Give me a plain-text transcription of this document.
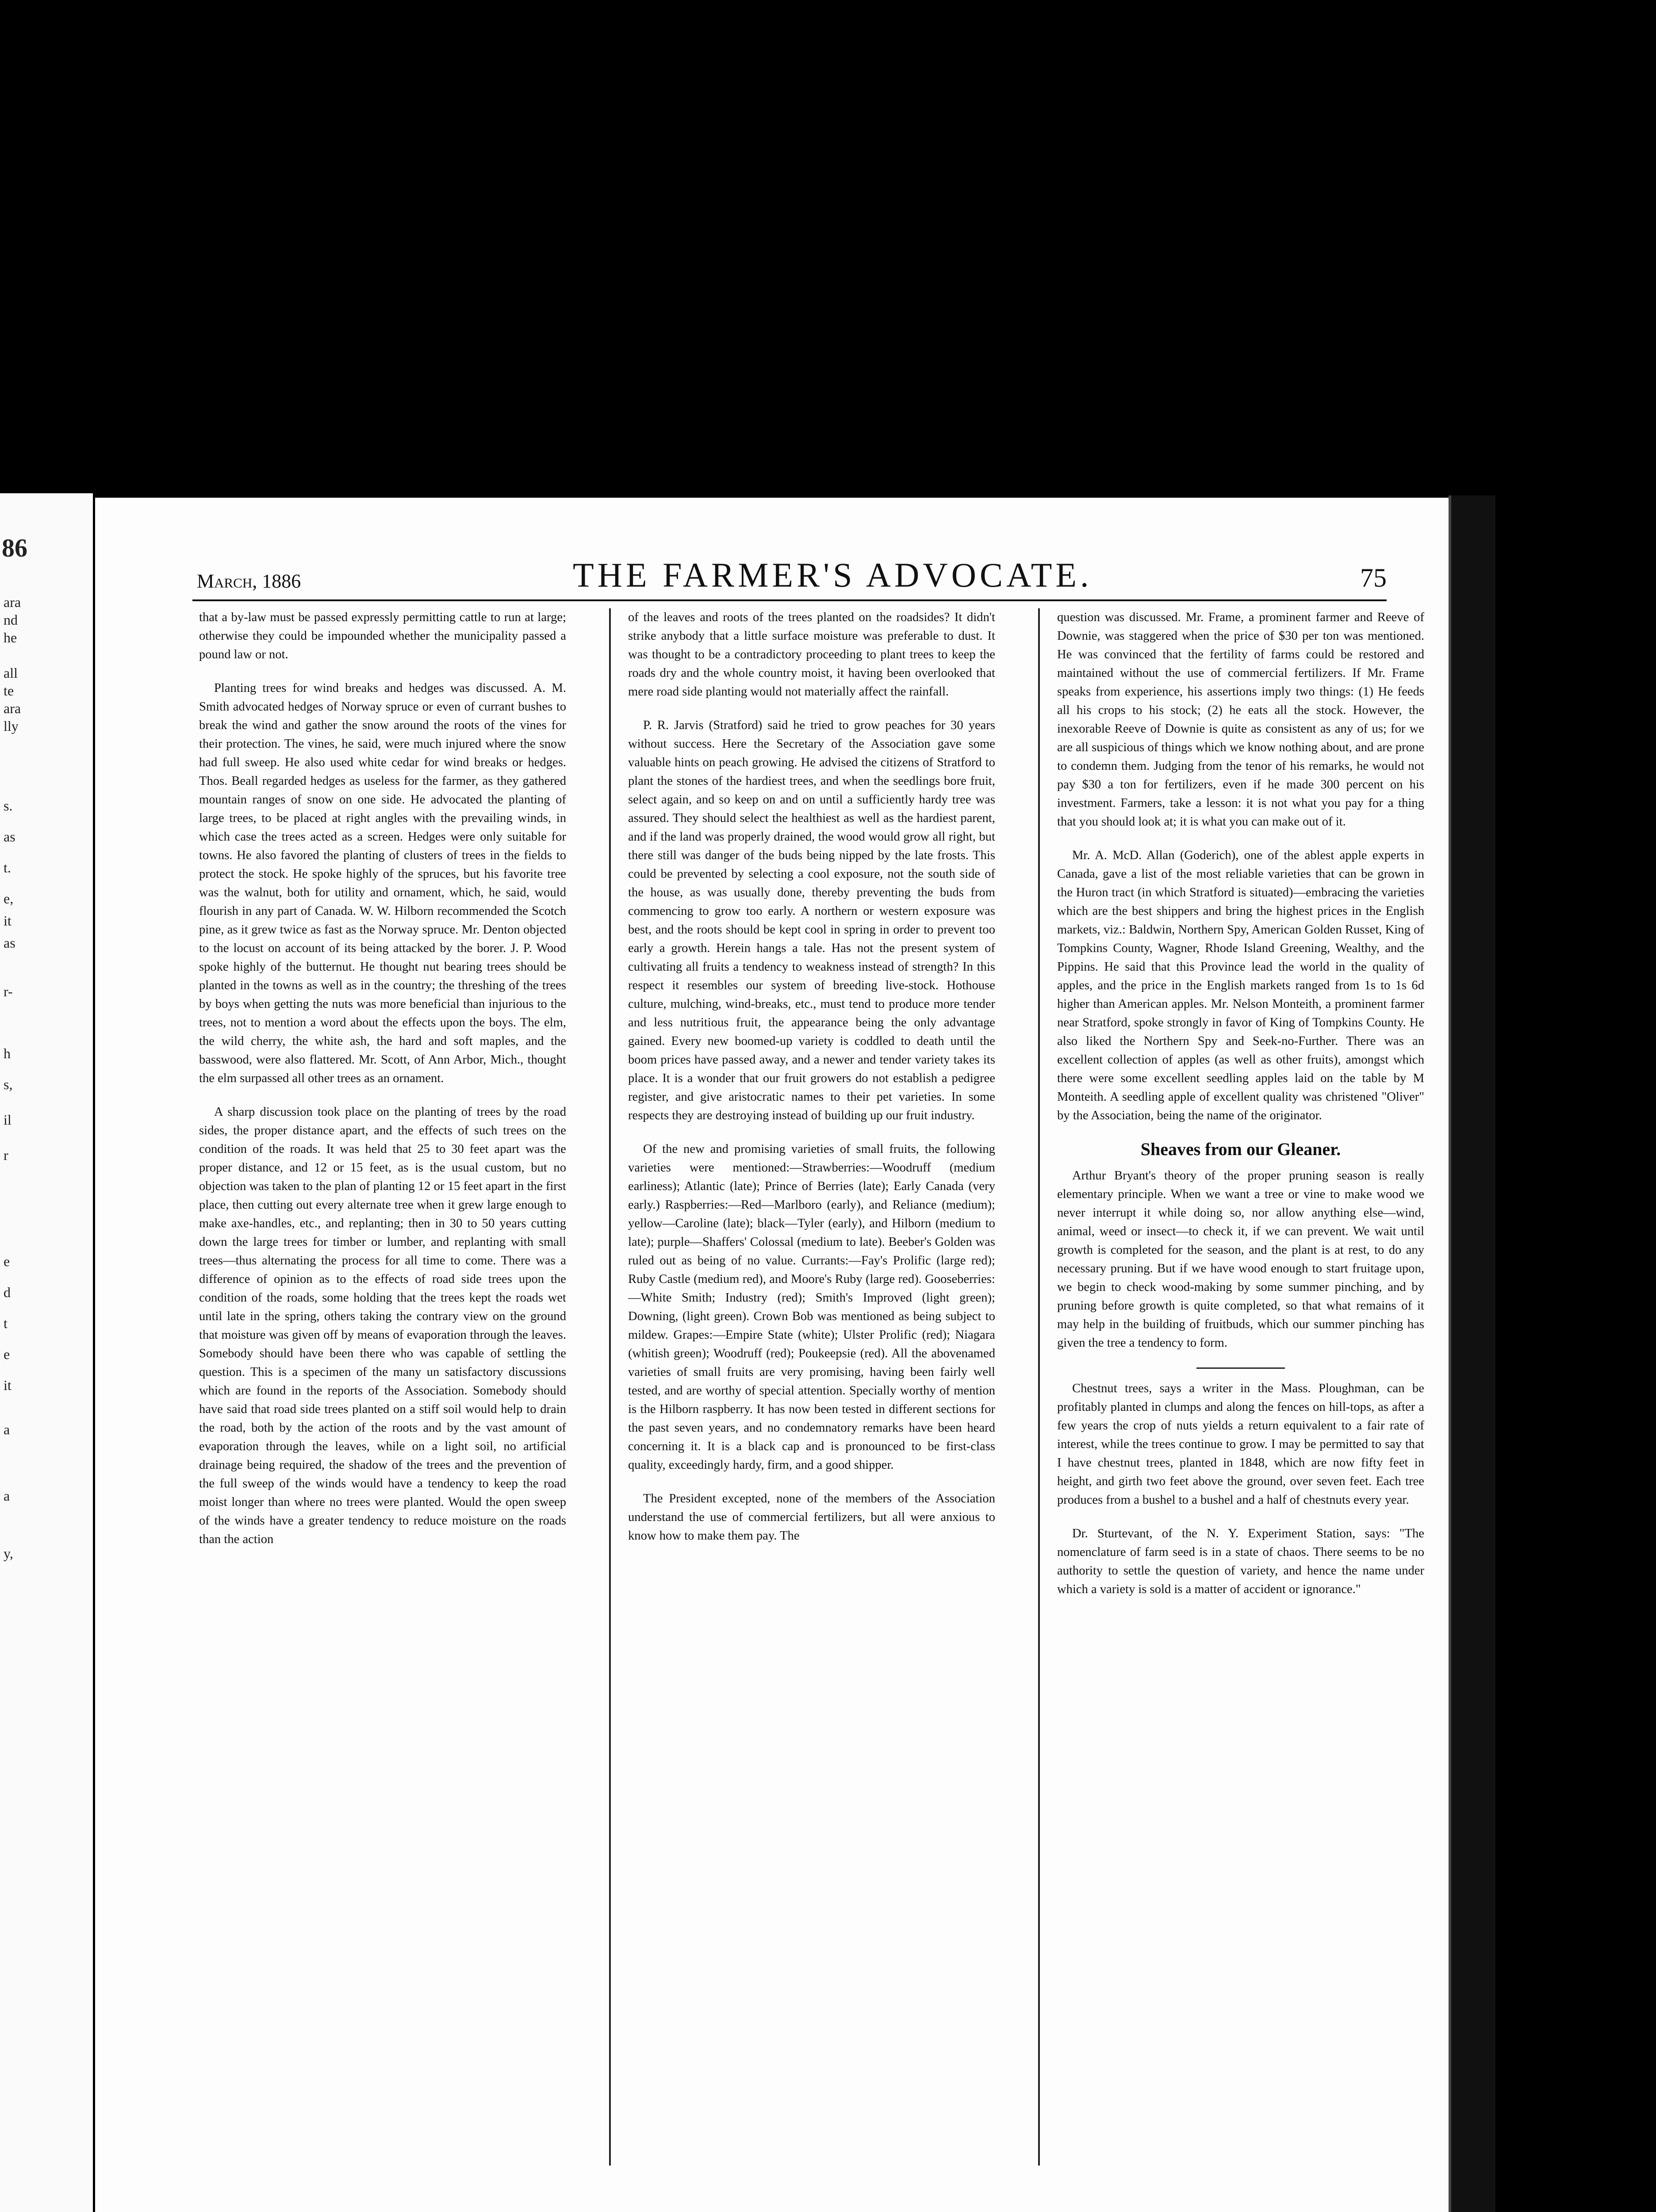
86
ara
nd
he
all
te
ara
lly
s.
as
t.
e,
it
as
r-
h
s,
il
r
e
d
t
e
it
a
a
y,
March, 1886	THE FARMER'S ADVOCATE.	75

that a by-law must be passed expressly permitting cattle to run at large; otherwise they could be impounded whether the municipality passed a pound law or not.

Planting trees for wind breaks and hedges was discussed. A. M. Smith advocated hedges of Norway spruce or even of currant bushes to break the wind and gather the snow around the roots of the vines for their protection. The vines, he said, were much injured where the snow had full sweep. He also used white cedar for wind breaks or hedges. Thos. Beall regarded hedges as useless for the farmer, as they gathered mountain ranges of snow on one side. He advocated the planting of large trees, to be placed at right angles with the prevailing winds, in which case the trees acted as a screen. Hedges were only suitable for towns. He also favored the planting of clusters of trees in the fields to protect the stock. He spoke highly of the spruces, but his favorite tree was the walnut, both for utility and ornament, which, he said, would flourish in any part of Canada. W. W. Hilborn recommended the Scotch pine, as it grew twice as fast as the Norway spruce. Mr. Denton objected to the locust on account of its being attacked by the borer. J. P. Wood spoke highly of the butternut. He thought nut bearing trees should be planted in the towns as well as in the country; the threshing of the trees by boys when getting the nuts was more beneficial than injurious to the trees, not to mention a word about the effects upon the boys. The elm, the wild cherry, the white ash, the hard and soft maples, and the basswood, were also flattered. Mr. Scott, of Ann Arbor, Mich., thought the elm surpassed all other trees as an ornament.

A sharp discussion took place on the planting of trees by the road sides, the proper distance apart, and the effects of such trees on the condition of the roads. It was held that 25 to 30 feet apart was the proper distance, and 12 or 15 feet, as is the usual custom, but no objection was taken to the plan of planting 12 or 15 feet apart in the first place, then cutting out every alternate tree when it grew large enough to make axe-handles, etc., and replanting; then in 30 to 50 years cutting down the large trees for timber or lumber, and replanting with small trees—thus alternating the process for all time to come. There was a difference of opinion as to the effects of road side trees upon the condition of the roads, some holding that the trees kept the roads wet until late in the spring, others taking the contrary view on the ground that moisture was given off by means of evaporation through the leaves. Somebody should have been there who was capable of settling the question. This is a specimen of the many un satisfactory discussions which are found in the reports of the Association. Somebody should have said that road side trees planted on a stiff soil would help to drain the road, both by the action of the roots and by the vast amount of evaporation through the leaves, while on a light soil, no artificial drainage being required, the shadow of the trees and the prevention of the full sweep of the winds would have a tendency to keep the road moist longer than where no trees were planted. Would the open sweep of the winds have a greater tendency to reduce moisture on the roads than the action

of the leaves and roots of the trees planted on the roadsides? It didn't strike anybody that a little surface moisture was preferable to dust. It was thought to be a contradictory proceeding to plant trees to keep the roads dry and the whole country moist, it having been overlooked that mere road side planting would not materially affect the rainfall.

P. R. Jarvis (Stratford) said he tried to grow peaches for 30 years without success. Here the Secretary of the Association gave some valuable hints on peach growing. He advised the citizens of Stratford to plant the stones of the hardiest trees, and when the seedlings bore fruit, select again, and so keep on and on until a sufficiently hardy tree was assured. They should select the healthiest as well as the hardiest parent, and if the land was properly drained, the wood would grow all right, but there still was danger of the buds being nipped by the late frosts. This could be prevented by selecting a cool exposure, not the south side of the house, as was usually done, thereby preventing the buds from commencing to grow too early. A northern or western exposure was best, and the roots should be kept cool in spring in order to prevent too early a growth. Herein hangs a tale. Has not the present system of cultivating all fruits a tendency to weakness instead of strength? In this respect it resembles our system of breeding live-stock. Hothouse culture, mulching, wind-breaks, etc., must tend to produce more tender and less nutritious fruit, the appearance being the only advantage gained. Every new boomed-up variety is coddled to death until the boom prices have passed away, and a newer and tender variety takes its place. It is a wonder that our fruit growers do not establish a pedigree register, and give aristocratic names to their pet varieties. In some respects they are destroying instead of building up our fruit industry.

Of the new and promising varieties of small fruits, the following varieties were mentioned:—Strawberries:—Woodruff (medium earliness); Atlantic (late); Prince of Berries (late); Early Canada (very early.) Raspberries:—Red—Marlboro (early), and Reliance (medium); yellow—Caroline (late); black—Tyler (early), and Hilborn (medium to late); purple—Shaffers' Colossal (medium to late). Beeber's Golden was ruled out as being of no value. Currants:—Fay's Prolific (large red); Ruby Castle (medium red), and Moore's Ruby (large red). Gooseberries:—White Smith; Industry (red); Smith's Improved (light green); Downing, (light green). Crown Bob was mentioned as being subject to mildew. Grapes:—Empire State (white); Ulster Prolific (red); Niagara (whitish green); Woodruff (red); Poukeepsie (red). All the abovenamed varieties of small fruits are very promising, having been fairly well tested, and are worthy of special attention. Specially worthy of mention is the Hilborn raspberry. It has now been tested in different sections for the past seven years, and no condemnatory remarks have been heard concerning it. It is a black cap and is pronounced to be first-class quality, exceedingly hardy, firm, and a good shipper.

The President excepted, none of the members of the Association understand the use of commercial fertilizers, but all were anxious to know how to make them pay. The

question was discussed. Mr. Frame, a prominent farmer and Reeve of Downie, was staggered when the price of $30 per ton was mentioned. He was convinced that the fertility of farms could be restored and maintained without the use of commercial fertilizers. If Mr. Frame speaks from experience, his assertions imply two things: (1) He feeds all his crops to his stock; (2) he eats all the stock. However, the inexorable Reeve of Downie is quite as consistent as any of us; for we are all suspicious of things which we know nothing about, and are prone to condemn them. Judging from the tenor of his remarks, he would not pay $30 a ton for fertilizers, even if he made 300 percent on his investment. Farmers, take a lesson: it is not what you pay for a thing that you should look at; it is what you can make out of it.

Mr. A. McD. Allan (Goderich), one of the ablest apple experts in Canada, gave a list of the most reliable varieties that can be grown in the Huron tract (in which Stratford is situated)—embracing the varieties which are the best shippers and bring the highest prices in the English markets, viz.: Baldwin, Northern Spy, American Golden Russet, King of Tompkins County, Wagner, Rhode Island Greening, Wealthy, and the Pippins. He said that this Province lead the world in the quality of apples, and the price in the English markets ranged from 1s to 1s 6d higher than American apples. Mr. Nelson Monteith, a prominent farmer near Stratford, spoke strongly in favor of King of Tompkins County. He also liked the Northern Spy and Seek-no-Further. There was an excellent collection of apples (as well as other fruits), amongst which there were some excellent seedling apples laid on the table by M Monteith. A seedling apple of excellent quality was christened "Oliver" by the Association, being the name of the originator.

Sheaves from our Gleaner.

Arthur Bryant's theory of the proper pruning season is really elementary principle. When we want a tree or vine to make wood we never interrupt it while doing so, nor allow anything else—wind, animal, weed or insect—to check it, if we can prevent. We wait until growth is completed for the season, and the plant is at rest, to do any necessary pruning. But if we have wood enough to start fruitage upon, we begin to check wood-making by some summer pinching, and by pruning before growth is quite completed, so that what remains of it may help in the building of fruitbuds, which our summer pinching has given the tree a tendency to form.

Chestnut trees, says a writer in the Mass. Ploughman, can be profitably planted in clumps and along the fences on hill-tops, as after a few years the crop of nuts yields a return equivalent to a fair rate of interest, while the trees continue to grow. I may be permitted to say that I have chestnut trees, planted in 1848, which are now fifty feet in height, and girth two feet above the ground, over seven feet. Each tree produces from a bushel to a bushel and a half of chestnuts every year.

Dr. Sturtevant, of the N. Y. Experiment Station, says: "The nomenclature of farm seed is in a state of chaos. There seems to be no authority to settle the question of variety, and hence the name under which a variety is sold is a matter of accident or ignorance."
